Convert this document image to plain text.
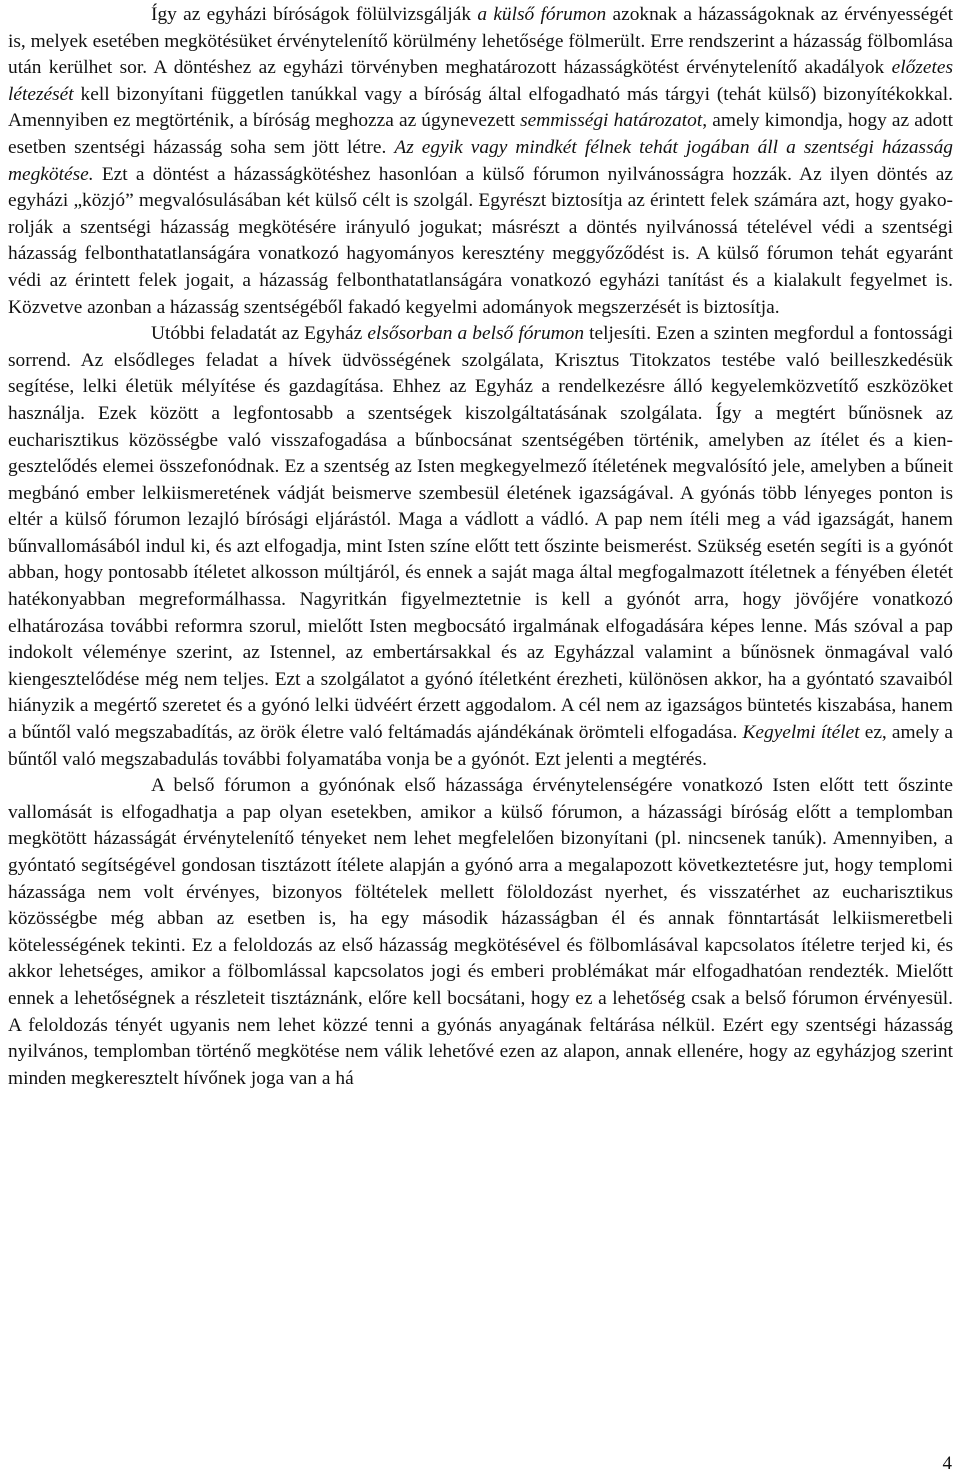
Így az egyházi bíróságok fölülvizsgálják a külső fórumon azoknak a házasságoknak az érvényességét is, melyek esetében megkötésüket érvénytelenítő körülmény lehetősége fölmerült. Erre rendszerint a házasság fölbomlása után kerülhet sor. A döntéshez az egyházi törvényben meghatározott házasságkötést érvénytelenítő akadályok előzetes létezését kell bizonyítani független tanúkkal vagy a bíróság által elfogadható más tárgyi (tehát külső) bizonyítékokkal. Amennyiben ez megtörténik, a bíróság meghozza az úgynevezett semmisségi határozatot, amely kimondja, hogy az adott esetben szentségi házasság soha sem jött létre. Az egyik vagy mindkét félnek tehát jogában áll a szentségi házasság megkötése. Ezt a döntést a házasságkötéshez hasonlóan a külső fórumon nyilvánosságra hozzák. Az ilyen döntés az egyházi „közjó” megvalósulásában két külső célt is szolgál. Egyrészt biztosítja az érintett felek számára azt, hogy gyakorolják a szentségi házasság megkötésére irányuló jogukat; másrészt a döntés nyilvánossá tételével védi a szentségi házasság felbonthatatlanságára vonatkozó hagyományos keresztény meggyőződést is. A külső fórumon tehát egyaránt védi az érintett felek jogait, a házasság felbonthatatlanságára vonatkozó egyházi tanítást és a kialakult fegyelmet is. Közvetve azonban a házasság szentségéből fakadó kegyelmi adományok megszerzését is biztosítja.

Utóbbi feladatát az Egyház elsősorban a belső fórumon teljesíti. Ezen a szinten megfordul a fontossági sorrend. Az elsődleges feladat a hívek üdvösségének szolgálata, Krisztus Titokzatos testébe való beilleszkedésük segítése, lelki életük mélyítése és gazdagítása. Ehhez az Egyház a rendelkezésre álló kegyelemközvetítő eszközöket használja. Ezek között a legfontosabb a szentségek kiszolgáltatásának szolgálata. Így a megtért bűnösnek az eucharisztikus közösségbe való visszafogadása a bűnbocsánat szentségében történik, amelyben az ítélet és a kiengesztelődés elemei összefonódnak. Ez a szentség az Isten megkegyelmező ítéletének megvalósító jele, amelyben a bűneit megbánó ember lelkiismeretének vádját beismerve szembesül életének igazságával. A gyónás több lényeges ponton is eltér a külső fórumon lezajló bírósági eljárástól. Maga a vádlott a vádló. A pap nem ítéli meg a vád igazságát, hanem bűnvallomásából indul ki, és azt elfogadja, mint Isten színe előtt tett őszinte beismerést. Szükség esetén segíti is a gyónót abban, hogy pontosabb ítéletet alkosson múltjáról, és ennek a saját maga által megfogalmazott ítéletnek a fényében életét hatékonyabban megreformálhassa. Nagyritkán figyelmeztetnie is kell a gyónót arra, hogy jövőjére vonatkozó elhatározása további reformra szorul, mielőtt Isten megbocsátó irgalmának elfogadására képes lenne. Más szóval a pap indokolt véleménye szerint, az Istennel, az embertársakkal és az Egyházzal valamint a bűnösnek önmagával való kiengesztelődése még nem teljes. Ezt a szolgálatot a gyónó ítéletként érezheti, különösen akkor, ha a gyóntató szavaiból hiányzik a megértő szeretet és a gyónó lelki üdvéért érzett aggodalom. A cél nem az igazságos büntetés kiszabása, hanem a bűntől való megszabadítás, az örök életre való feltámadás ajándékának örömteli elfogadása. Kegyelmi ítélet ez, amely a bűntől való megszabadulás további folyamatába vonja be a gyónót. Ezt jelenti a megtérés.

A belső fórumon a gyónónak első házassága érvénytelenségére vonatkozó Isten előtt tett őszinte vallomását is elfogadhatja a pap olyan esetekben, amikor a külső fórumon, a házassági bíróság előtt a templomban megkötött házasságát érvénytelenítő tényeket nem lehet megfelelően bizonyítani (pl. nincsenek tanúk). Amennyiben, a gyóntató segítségével gondosan tisztázott ítélete alapján a gyónó arra a megalapozott következtetésre jut, hogy templomi házassága nem volt érvényes, bizonyos föltételek mellett föloldozást nyerhet, és visszatérhet az eucharisztikus közösségbe még abban az esetben is, ha egy második házasságban él és annak fönntartását lelkiismeretbeli kötelességének tekinti. Ez a feloldozás az első házasság megkötésével és fölbomlásával kapcsolatos ítéletre terjed ki, és akkor lehetséges, amikor a fölbomlással kapcsolatos jogi és emberi problémákat már elfogadhatóan rendezték. Mielőtt ennek a lehetőségnek a részleteit tisztáznánk, előre kell bocsátani, hogy ez a lehetőség csak a belső fórumon érvényesül. A feloldozás tényét ugyanis nem lehet közzé tenni a gyónás anyagának feltárása nélkül. Ezért egy szentségi házasság nyilvános, templomban történő megkötése nem válik lehetővé ezen az alapon, annak ellenére, hogy az egyházjog szerint minden megkeresztelt hívőnek joga van a há

4
